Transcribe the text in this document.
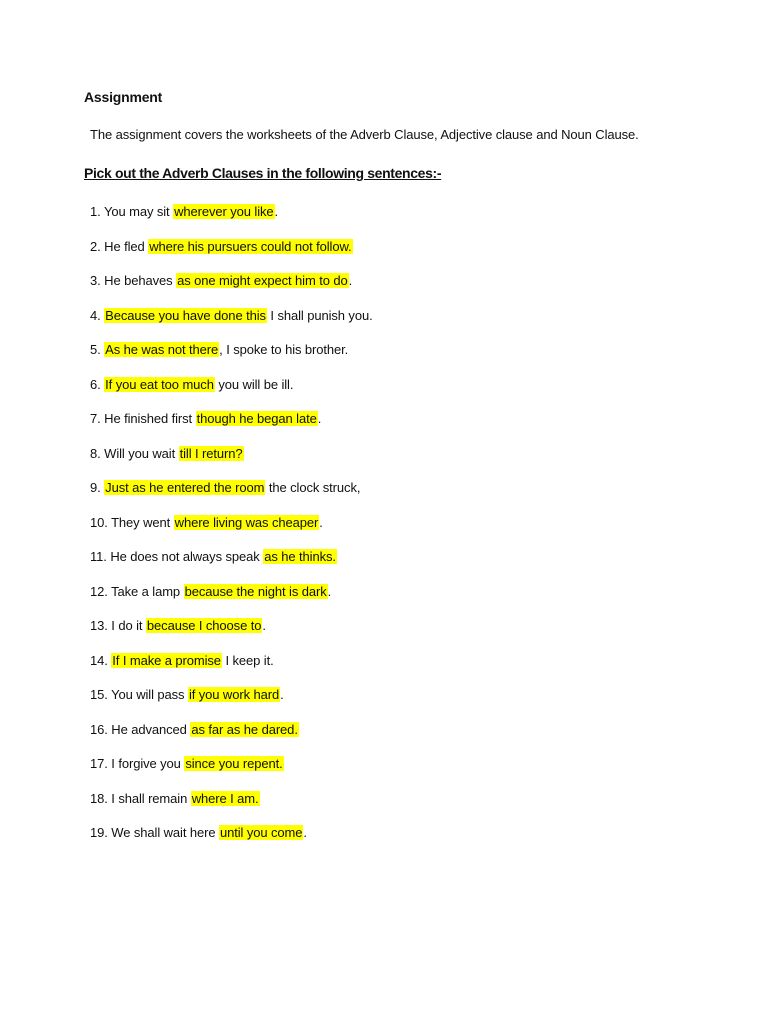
Assignment
The assignment covers the worksheets of the Adverb Clause, Adjective clause and Noun Clause.
Pick out the Adverb Clauses in the following sentences:-
1. You may sit wherever you like.
2. He fled where his pursuers could not follow.
3. He behaves as one might expect him to do.
4. Because you have done this I shall punish you.
5. As he was not there, I spoke to his brother.
6. If you eat too much you will be ill.
7. He finished first though he began late.
8. Will you wait till I return?
9. Just as he entered the room the clock struck,
10. They went where living was cheaper.
11. He does not always speak as he thinks.
12. Take a lamp because the night is dark.
13. I do it because I choose to.
14. If I make a promise I keep it.
15. You will pass if you work hard.
16. He advanced as far as he dared.
17. I forgive you since you repent.
18. I shall remain where I am.
19. We shall wait here until you come.
